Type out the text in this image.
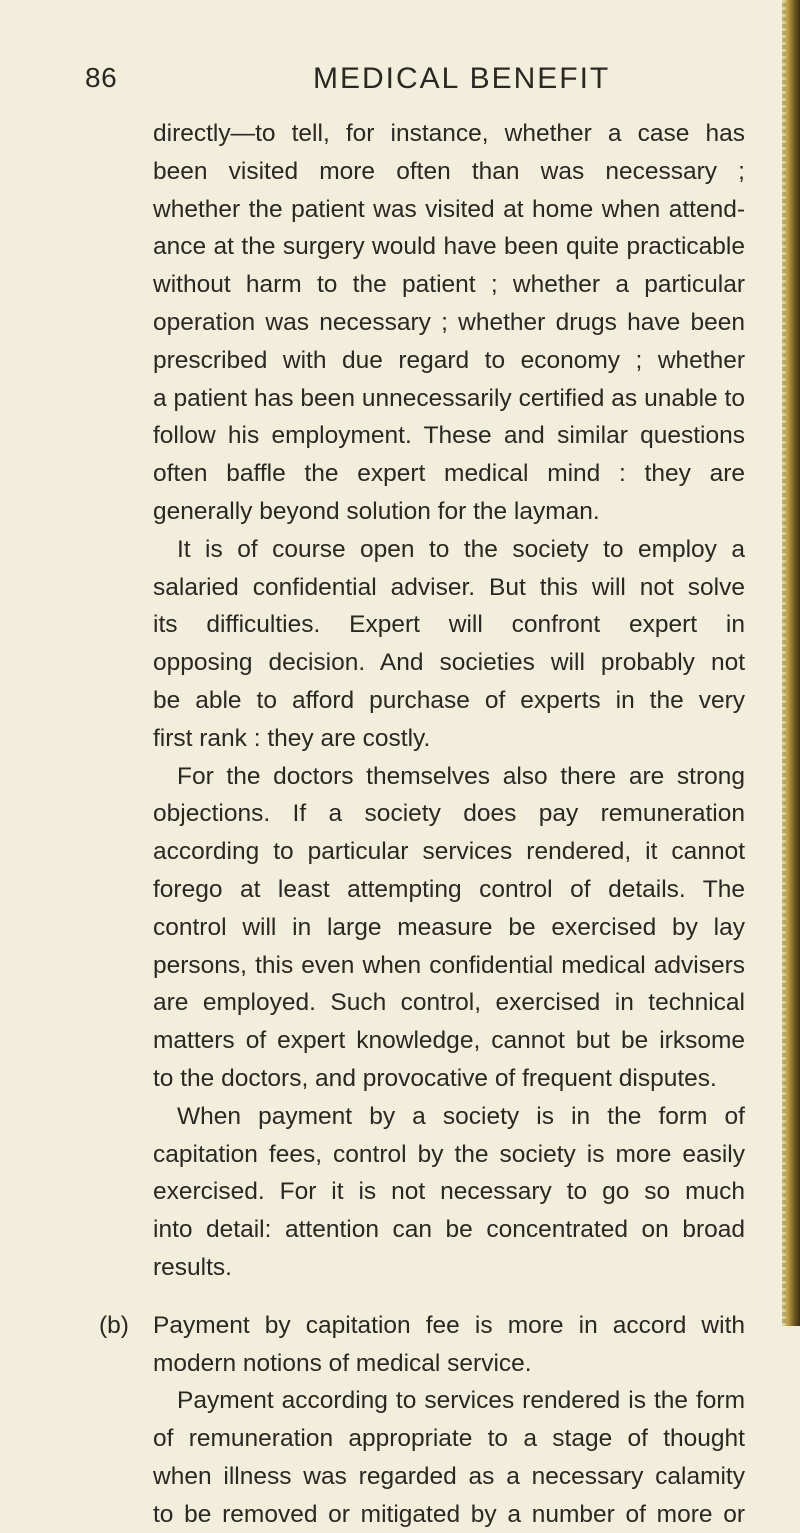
86	MEDICAL BENEFIT
directly—to tell, for instance, whether a case has
been visited more often than was necessary ;
whether the patient was visited at home when attend-
ance at the surgery would have been quite practicable
without harm to the patient ; whether a particular
operation was necessary ; whether drugs have been
prescribed with due regard to economy ; whether
a patient has been unnecessarily certified as unable to
follow his employment. These and similar questions
often baffle the expert medical mind : they are
generally beyond solution for the layman.
It is of course open to the society to employ a
salaried confidential adviser. But this will not solve
its difficulties. Expert will confront expert in
opposing decision. And societies will probably not
be able to afford purchase of experts in the very
first rank : they are costly.
For the doctors themselves also there are strong
objections. If a society does pay remuneration
according to particular services rendered, it cannot
forego at least attempting control of details. The
control will in large measure be exercised by lay
persons, this even when confidential medical advisers
are employed. Such control, exercised in technical
matters of expert knowledge, cannot but be irksome
to the doctors, and provocative of frequent disputes.
When payment by a society is in the form of
capitation fees, control by the society is more easily
exercised. For it is not necessary to go so much
into detail: attention can be concentrated on broad
results.
(b) Payment by capitation fee is more in accord with
modern notions of medical service.
Payment according to services rendered is the form
of remuneration appropriate to a stage of thought
when illness was regarded as a necessary calamity
to be removed or mitigated by a number of more or
